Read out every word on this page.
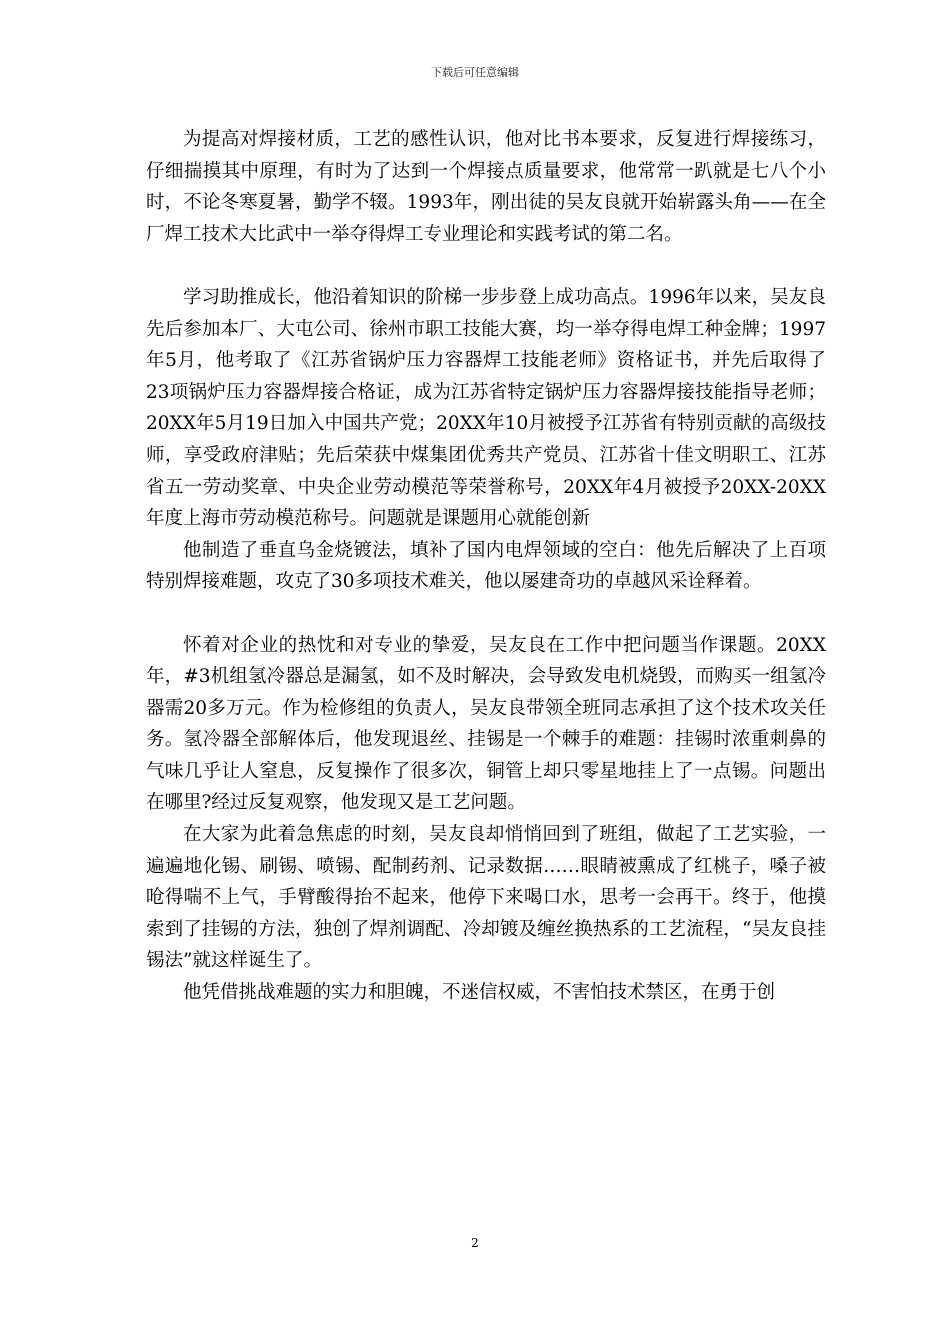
下载后可任意编辑

为提高对焊接材质，工艺的感性认识，他对比书本要求，反复进行焊接练习，仔细揣摸其中原理，有时为了达到一个焊接点质量要求，他常常一趴就是七八个小时，不论冬寒夏暑，勤学不辍。1993年，刚出徒的吴友良就开始崭露头角——在全厂焊工技术大比武中一举夺得焊工专业理论和实践考试的第二名。

学习助推成长，他沿着知识的阶梯一步步登上成功高点。1996年以来，吴友良先后参加本厂、大屯公司、徐州市职工技能大赛，均一举夺得电焊工种金牌；1997年5月，他考取了《江苏省锅炉压力容器焊工技能老师》资格证书，并先后取得了23项锅炉压力容器焊接合格证，成为江苏省特定锅炉压力容器焊接技能指导老师；20XX年5月19日加入中国共产党；20XX年10月被授予江苏省有特别贡献的高级技师，享受政府津贴；先后荣获中煤集团优秀共产党员、江苏省十佳文明职工、江苏省五一劳动奖章、中央企业劳动模范等荣誉称号，20XX年4月被授予20XX-20XX年度上海市劳动模范称号。问题就是课题用心就能创新

他制造了垂直乌金烧镀法，填补了国内电焊领域的空白：他先后解决了上百项特别焊接难题，攻克了30多项技术难关，他以屡建奇功的卓越风采诠释着。

怀着对企业的热忱和对专业的挚爱，吴友良在工作中把问题当作课题。20XX年，#3机组氢冷器总是漏氢，如不及时解决，会导致发电机烧毁，而购买一组氢冷器需20多万元。作为检修组的负责人，吴友良带领全班同志承担了这个技术攻关任务。氢冷器全部解体后，他发现退丝、挂锡是一个棘手的难题：挂锡时浓重刺鼻的气味几乎让人窒息，反复操作了很多次，铜管上却只零星地挂上了一点锡。问题出在哪里?经过反复观察，他发现又是工艺问题。

在大家为此着急焦虑的时刻，吴友良却悄悄回到了班组，做起了工艺实验，一遍遍地化锡、刷锡、喷锡、配制药剂、记录数据……眼睛被熏成了红桃子，嗓子被呛得喘不上气，手臂酸得抬不起来，他停下来喝口水，思考一会再干。终于，他摸索到了挂锡的方法，独创了焊剂调配、冷却镀及缠丝换热系的工艺流程，“吴友良挂锡法”就这样诞生了。

他凭借挑战难题的实力和胆魄，不迷信权威，不害怕技术禁区，在勇于创

2
